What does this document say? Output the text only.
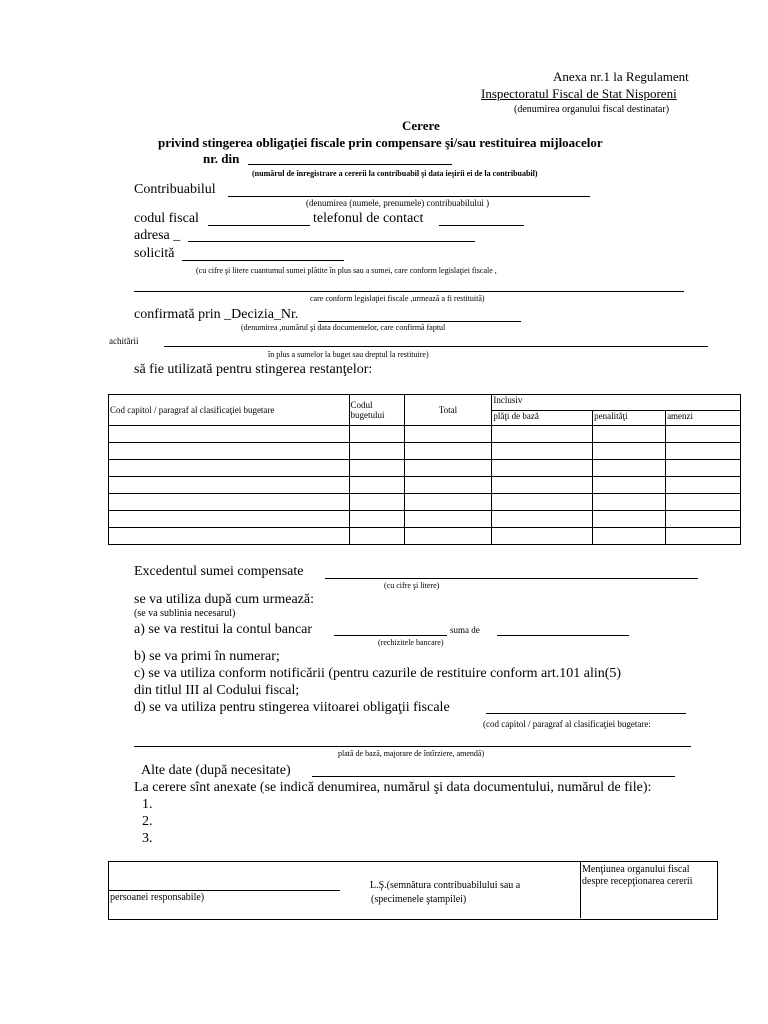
Anexa nr.1 la Regulament
Inspectoratul Fiscal de Stat Nisporeni
(denumirea organului fiscal destinatar)
Cerere
privind stingerea obligaţiei fiscale prin compensare şi/sau restituirea mijloacelor
nr. din
(numărul de înregistrare a cererii la contribuabil şi data ieşirii ei de la contribuabil)
Contribuabilul
(denumirea (numele, prenumele) contribuabilului )
codul fiscal	telefonul de contact
adresa _
solicită
(cu cifre şi litere cuantumul sumei plătite în plus sau a sumei, care conform legislaţiei fiscale ,
care conform legislaţiei fiscale ,urmează a fi restituită)
confirmată prin _Decizia_Nr.
(denumirea ,numărul şi data documentelor, care confirmă faptul
achitării
în plus a sumelor la buget sau dreptul la restituire)
să fie utilizată pentru stingerea restanţelor:
Cod capitol / paragraf al clasificaţiei bugetare	Codul bugetului	Total	Inclusiv		
			plăţi de bază	penalităţi	amenzi

Excedentul sumei compensate
(cu cifre şi litere)
se va utiliza după cum urmează:
(se va sublinia necesarul)
a) se va restitui la contul bancar	suma de
(rechizitele bancare)
b) se va primi în numerar;
c) se va utiliza conform notificării (pentru cazurile de restituire conform art.101 alin(5)
din titlul III al Codului fiscal;
d) se va utiliza pentru stingerea viitoarei obligaţii fiscale
(cod capitol / paragraf al clasificaţiei bugetare:
plată de bază, majorare de întîrziere, amendă)
Alte date (după necesitate)
La cerere sînt anexate (se indică denumirea, numărul şi data documentului, numărul de file):
1.
2.
3.
persoanei responsabile)
L.Ş.(semnătura contribuabilului sau a
(specimenele ştampilei)
Menţiunea organului fiscal
despre recepţionarea cererii
